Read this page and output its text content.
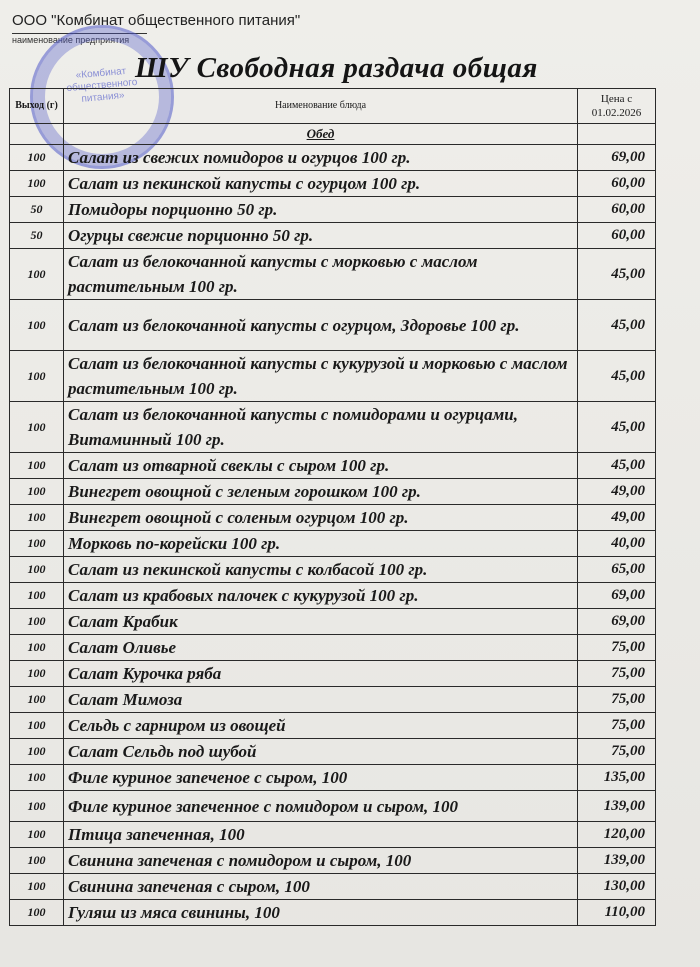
ООО "Комбинат общественного питания"
наименование предприятия
«Комбинат общественного питания»
ШУ Свободная раздача общая
Выход (г)	Наименование блюда	Цена с 01.02.2026
	Обед	
100	Салат из свежих помидоров и огурцов 100 гр.	69,00
100	Салат из пекинской капусты с огурцом 100 гр.	60,00
50	Помидоры порционно 50 гр.	60,00
50	Огурцы свежие порционно 50 гр.	60,00
100	Салат из белокочанной капусты с морковью с маслом растительным 100 гр.	45,00
100	Салат из белокочанной капусты с огурцом, Здоровье 100 гр.	45,00
100	Салат из белокочанной капусты с кукурузой и морковью с маслом растительным 100 гр.	45,00
100	Салат из белокочанной капусты с помидорами и огурцами, Витаминный 100 гр.	45,00
100	Салат из отварной свеклы с сыром 100 гр.	45,00
100	Винегрет овощной с зеленым горошком 100 гр.	49,00
100	Винегрет овощной с соленым огурцом 100 гр.	49,00
100	Морковь по-корейски 100 гр.	40,00
100	Салат из пекинской капусты с колбасой 100 гр.	65,00
100	Салат из крабовых палочек с кукурузой 100 гр.	69,00
100	Салат Крабик	69,00
100	Салат Оливье	75,00
100	Салат Курочка ряба	75,00
100	Салат Мимоза	75,00
100	Сельдь с гарниром из овощей	75,00
100	Салат Сельдь под шубой	75,00
100	Филе куриное запеченое с сыром, 100	135,00
100	Филе куриное запеченное с помидором и сыром, 100	139,00
100	Птица запеченная, 100	120,00
100	Свинина запеченая с помидором и сыром, 100	139,00
100	Свинина запеченая с сыром, 100	130,00
100	Гуляш из мяса свинины, 100	110,00
